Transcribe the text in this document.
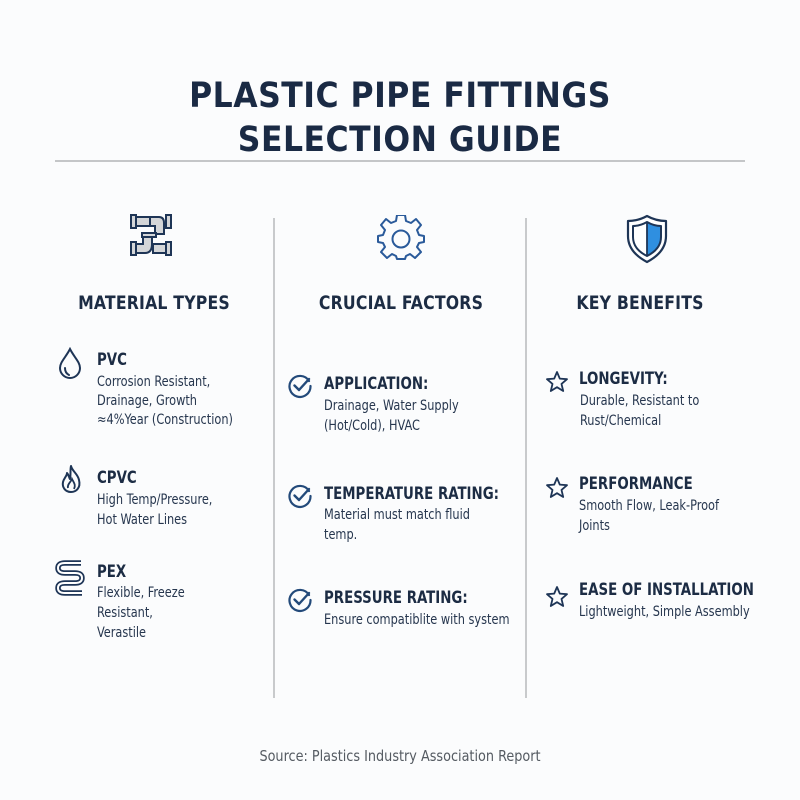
PLASTIC PIPE FITTINGS
SELECTION GUIDE
MATERIAL TYPES
PVC
Corrosion Resistant,
Drainage, Growth
≈4%Year (Construction)
CPVC
High Temp/Pressure,
Hot Water Lines
PEX
Flexible, Freeze
Resistant,
Verastile
CRUCIAL FACTORS
APPLICATION:
Drainage, Water Supply
(Hot/Cold), HVAC
TEMPERATURE RATING:
Material must match fluid
temp.
PRESSURE RATING:
Ensure compatiblite with system
KEY BENEFITS
LONGEVITY:
Durable, Resistant to
Rust/Chemical
PERFORMANCE
Smooth Flow, Leak-Proof
Joints
EASE OF INSTALLATION
Lightweight, Simple Assembly
Source: Plastics Industry Association Report
